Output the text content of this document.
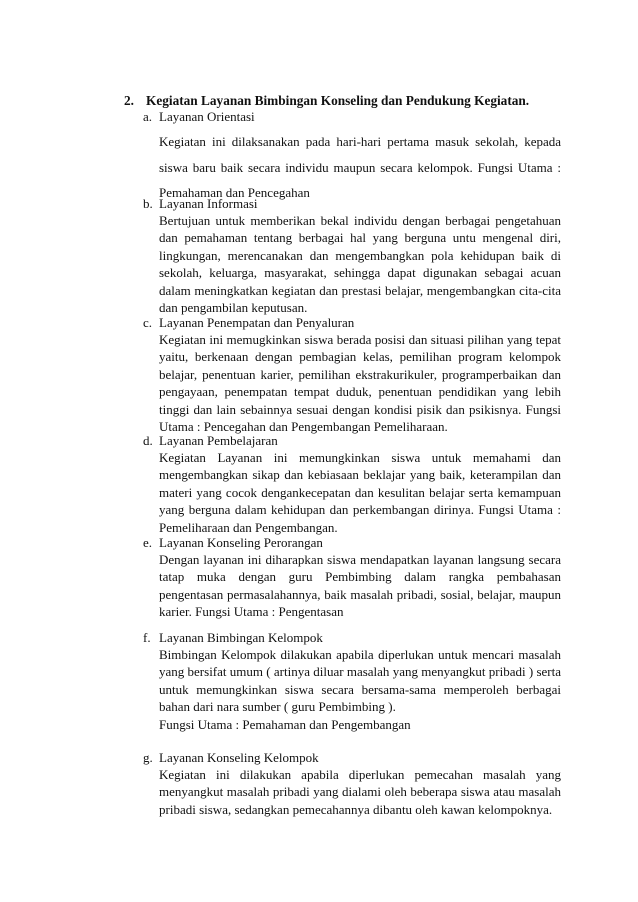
2. Kegiatan Layanan Bimbingan Konseling dan Pendukung Kegiatan.
a. Layanan Orientasi
Kegiatan ini dilaksanakan pada hari-hari pertama masuk sekolah, kepada siswa baru baik secara individu maupun secara kelompok. Fungsi Utama : Pemahaman dan Pencegahan
b. Layanan Informasi
Bertujuan untuk memberikan bekal individu dengan berbagai pengetahuan dan pemahaman tentang berbagai hal yang berguna untu mengenal diri, lingkungan, merencanakan dan mengembangkan pola kehidupan baik di sekolah, keluarga, masyarakat, sehingga dapat digunakan sebagai acuan dalam meningkatkan kegiatan dan prestasi belajar, mengembangkan cita-cita dan pengambilan keputusan.
c. Layanan Penempatan dan Penyaluran
Kegiatan ini memugkinkan siswa berada posisi dan situasi pilihan yang tepat yaitu, berkenaan dengan pembagian kelas, pemilihan program kelompok belajar, penentuan karier, pemilihan ekstrakurikuler, programperbaikan dan pengayaan, penempatan tempat duduk, penentuan pendidikan yang lebih tinggi dan lain sebainnya sesuai dengan kondisi pisik dan psikisnya. Fungsi Utama : Pencegahan dan Pengembangan Pemeliharaan.
d. Layanan Pembelajaran
Kegiatan Layanan ini memungkinkan siswa untuk memahami dan mengembangkan sikap dan kebiasaan beklajar yang baik, keterampilan dan materi yang cocok dengankecepatan dan kesulitan belajar serta kemampuan yang berguna dalam kehidupan dan perkembangan dirinya. Fungsi Utama : Pemeliharaan dan Pengembangan.
e. Layanan Konseling Perorangan
Dengan layanan ini diharapkan siswa mendapatkan layanan langsung secara tatap muka dengan guru Pembimbing dalam rangka pembahasan pengentasan permasalahannya, baik masalah pribadi, sosial, belajar, maupun karier. Fungsi Utama : Pengentasan
f. Layanan Bimbingan Kelompok
Bimbingan Kelompok dilakukan apabila diperlukan untuk mencari masalah yang bersifat umum ( artinya diluar masalah yang menyangkut pribadi ) serta untuk memungkinkan siswa secara bersama-sama memperoleh berbagai bahan dari nara sumber ( guru Pembimbing ).
Fungsi Utama : Pemahaman dan Pengembangan
g. Layanan Konseling Kelompok
Kegiatan ini dilakukan apabila diperlukan pemecahan masalah yang menyangkut masalah pribadi yang dialami oleh beberapa siswa atau masalah pribadi siswa, sedangkan pemecahannya dibantu oleh kawan kelompoknya.
